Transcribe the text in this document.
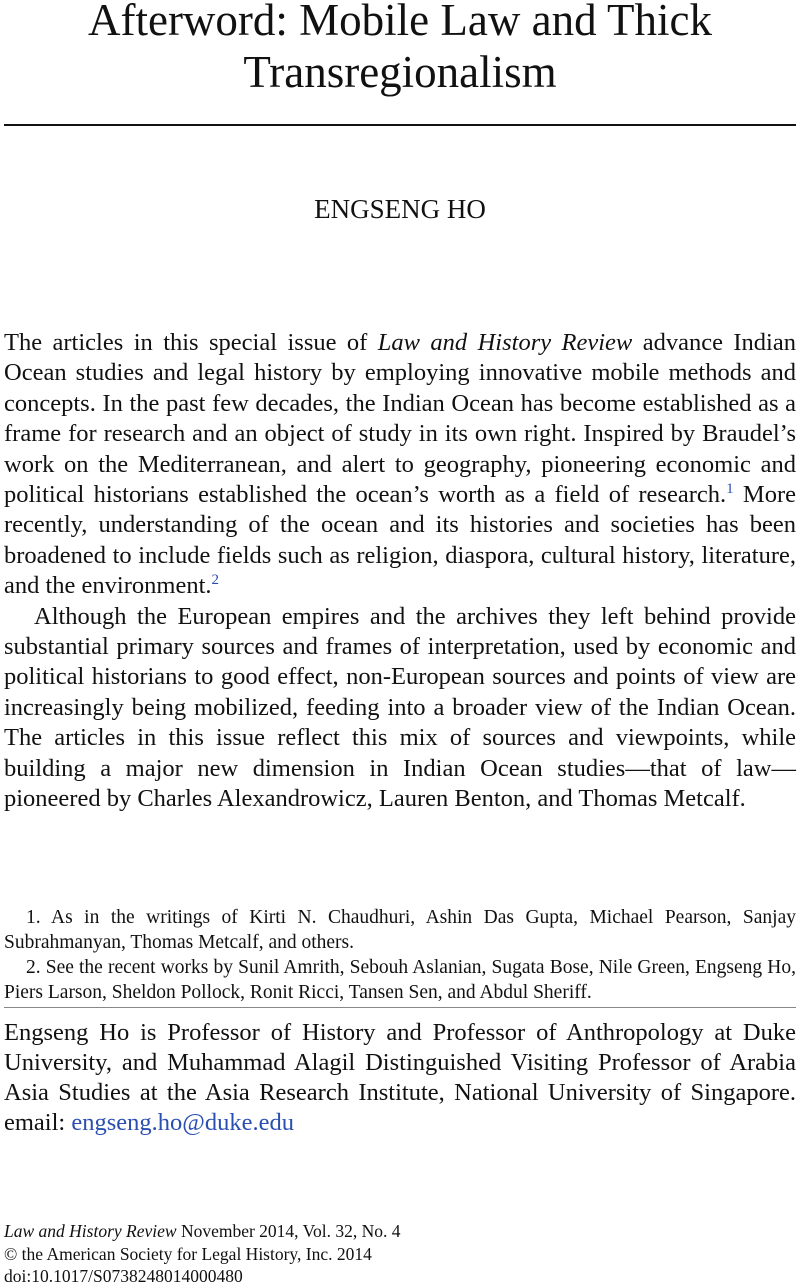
Afterword: Mobile Law and Thick Transregionalism
ENGSENG HO

The articles in this special issue of Law and History Review advance Indian Ocean studies and legal history by employing innovative mobile methods and concepts. In the past few decades, the Indian Ocean has become established as a frame for research and an object of study in its own right. Inspired by Braudel’s work on the Mediterranean, and alert to geography, pioneering economic and political historians established the ocean’s worth as a field of research.$^1$ More recently, understanding of the ocean and its histories and societies has been broadened to include fields such as religion, diaspora, cultural history, literature, and the environment.$^2$

Although the European empires and the archives they left behind provide substantial primary sources and frames of interpretation, used by economic and political historians to good effect, non-European sources and points of view are increasingly being mobilized, feeding into a broader view of the Indian Ocean. The articles in this issue reflect this mix of sources and viewpoints, while building a major new dimension in Indian Ocean studies—that of law—pioneered by Charles Alexandrowicz, Lauren Benton, and Thomas Metcalf.

1. As in the writings of Kirti N. Chaudhuri, Ashin Das Gupta, Michael Pearson, Sanjay Subrahmanyan, Thomas Metcalf, and others.

2. See the recent works by Sunil Amrith, Sebouh Aslanian, Sugata Bose, Nile Green, Engseng Ho, Piers Larson, Sheldon Pollock, Ronit Ricci, Tansen Sen, and Abdul Sheriff.

Engseng Ho is Professor of History and Professor of Anthropology at Duke University, and Muhammad Alagil Distinguished Visiting Professor of Arabia Asia Studies at the Asia Research Institute, National University of Singapore. email: engseng.ho@duke.edu
Law and History Review November 2014, Vol. 32, No. 4
© the American Society for Legal History, Inc. 2014
doi:10.1017/S0738248014000480
